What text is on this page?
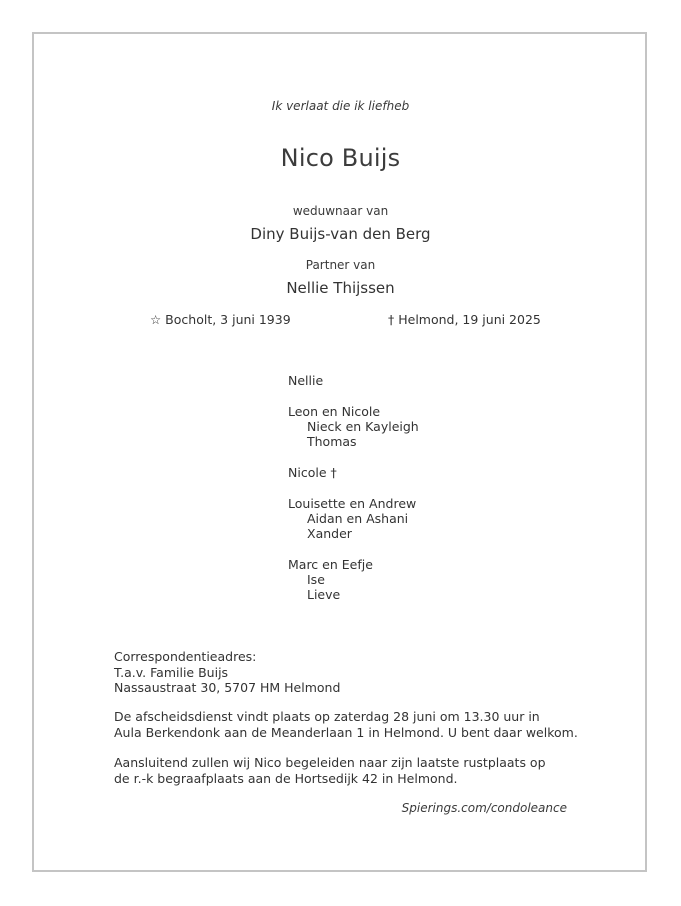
Ik verlaat die ik liefheb
Nico Buijs
weduwnaar van
Diny Buijs-van den Berg
Partner van
Nellie Thijssen
☆ Bocholt, 3 juni 1939	† Helmond, 19 juni 2025
Nellie
Leon en Nicole
Nieck en Kayleigh
Thomas
Nicole †
Louisette en Andrew
Aidan en Ashani
Xander
Marc en Eefje
Ise
Lieve
Correspondentieadres:
T.a.v. Familie Buijs
Nassaustraat 30, 5707 HM Helmond
De afscheidsdienst vindt plaats op zaterdag 28 juni om 13.30 uur in
Aula Berkendonk aan de Meanderlaan 1 in Helmond. U bent daar welkom.
Aansluitend zullen wij Nico begeleiden naar zijn laatste rustplaats op
de r.-k begraafplaats aan de Hortsedijk 42 in Helmond.
Spierings.com/condoleance
